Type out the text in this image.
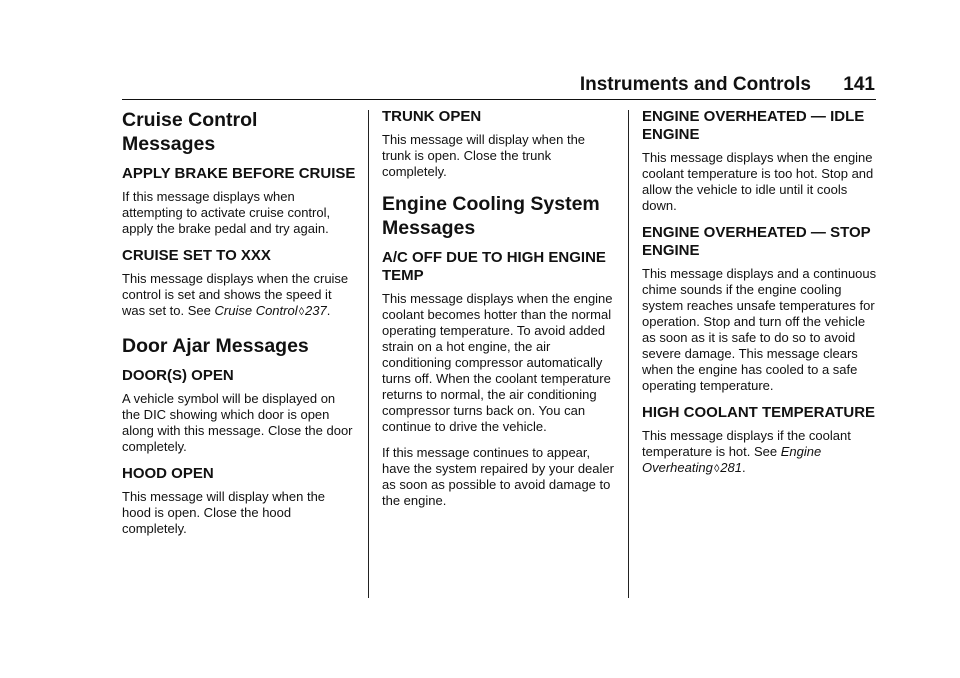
Instruments and Controls	141
Cruise Control Messages
APPLY BRAKE BEFORE CRUISE

If this message displays when attempting to activate cruise control, apply the brake pedal and try again.

CRUISE SET TO XXX

This message displays when the cruise control is set and shows the speed it was set to. See Cruise Control◊237.

Door Ajar Messages
DOOR(S) OPEN

A vehicle symbol will be displayed on the DIC showing which door is open along with this message. Close the door completely.

HOOD OPEN

This message will display when the hood is open. Close the hood completely.

TRUNK OPEN

This message will display when the trunk is open. Close the trunk completely.

Engine Cooling System Messages
A/C OFF DUE TO HIGH ENGINE TEMP

This message displays when the engine coolant becomes hotter than the normal operating temperature. To avoid added strain on a hot engine, the air conditioning compressor automatically turns off. When the coolant temperature returns to normal, the air conditioning compressor turns back on. You can continue to drive the vehicle.

If this message continues to appear, have the system repaired by your dealer as soon as possible to avoid damage to the engine.

ENGINE OVERHEATED — IDLE ENGINE

This message displays when the engine coolant temperature is too hot. Stop and allow the vehicle to idle until it cools down.

ENGINE OVERHEATED — STOP ENGINE

This message displays and a continuous chime sounds if the engine cooling system reaches unsafe temperatures for operation. Stop and turn off the vehicle as soon as it is safe to do so to avoid severe damage. This message clears when the engine has cooled to a safe operating temperature.

HIGH COOLANT TEMPERATURE

This message displays if the coolant temperature is hot. See Engine Overheating◊281.
